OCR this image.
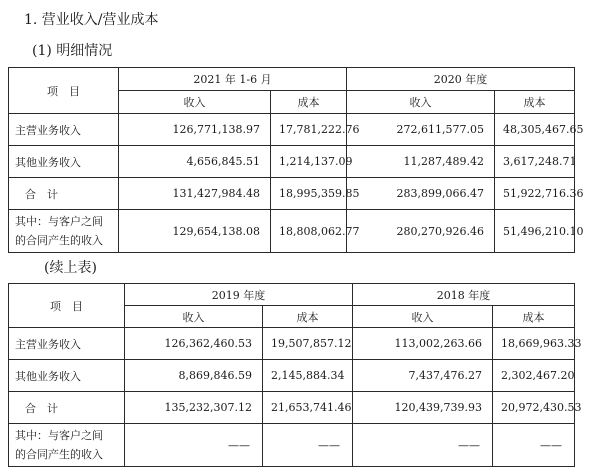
1. 营业收入/营业成本
(1) 明细情况
项　目	2021 年 1-6 月		2020 年度	
	收入	成本	收入	成本
主营业务收入	126,771,138.97	17,781,222.76	272,611,577.05	48,305,467.65
其他业务收入	4,656,845.51	1,214,137.09	11,287,489.42	3,617,248.71
合　计	131,427,984.48	18,995,359.85	283,899,066.47	51,922,716.36

其中：与客户之间
的合同产生的收入	129,654,138.08	18,808,062.77	280,270,926.46	51,496,210.10
(续上表)
项　目	2019 年度		2018 年度	
	收入	成本	收入	成本
主营业务收入	126,362,460.53	19,507,857.12	113,002,263.66	18,669,963.33
其他业务收入	8,869,846.59	2,145,884.34	7,437,476.27	2,302,467.20
合　计	135,232,307.12	21,653,741.46	120,439,739.93	20,972,430.53

其中：与客户之间
的合同产生的收入	——	——	——	——
